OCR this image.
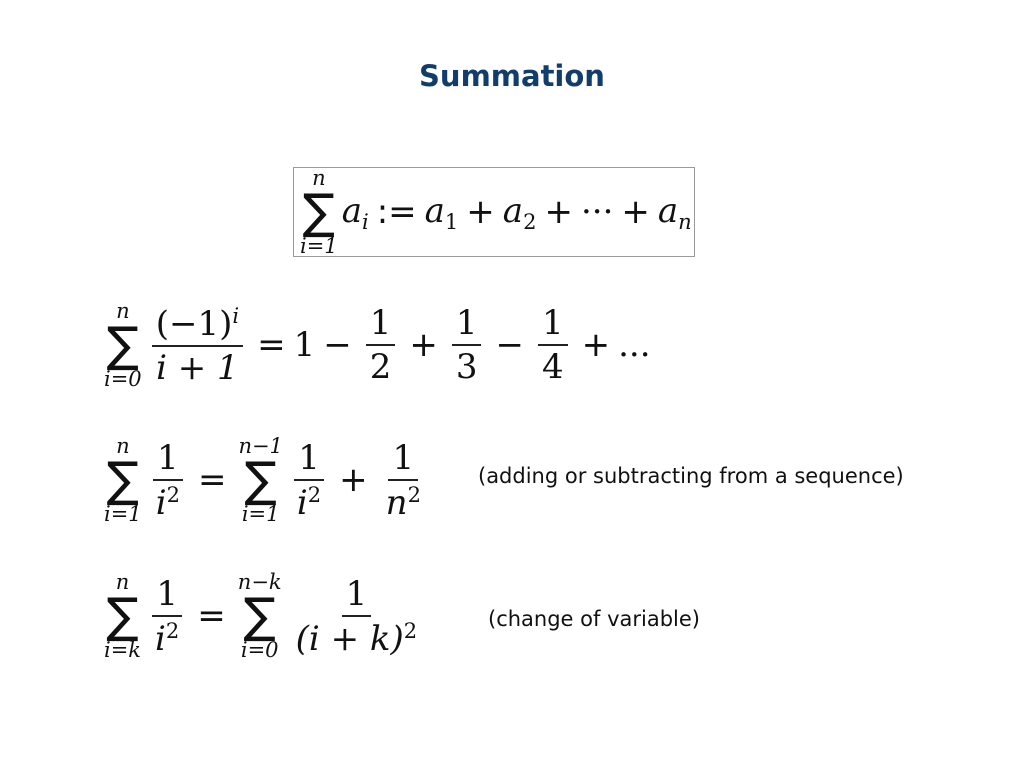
Summation
n
∑
i=1
$a_i$ := $a_1 + a_2$ + ··· + $a_n$
n
∑
$i=0 \frac{(-1)^i}{i + 1} = 1 - \frac{1}{2} + \frac{1}{3} - \frac{1}{4}$ + ...
n
∑
$i=1 \frac{1}{i^2}$ =
n−1
∑
$i=1 \frac{1}{i^2} + \frac{1}{n^2}$	(adding or subtracting from a sequence)
n
∑
$i=k \frac{1}{i^2}$ =
n−k
∑
$i=0 \frac{1}{(i + k)^2}$	(change of variable)
